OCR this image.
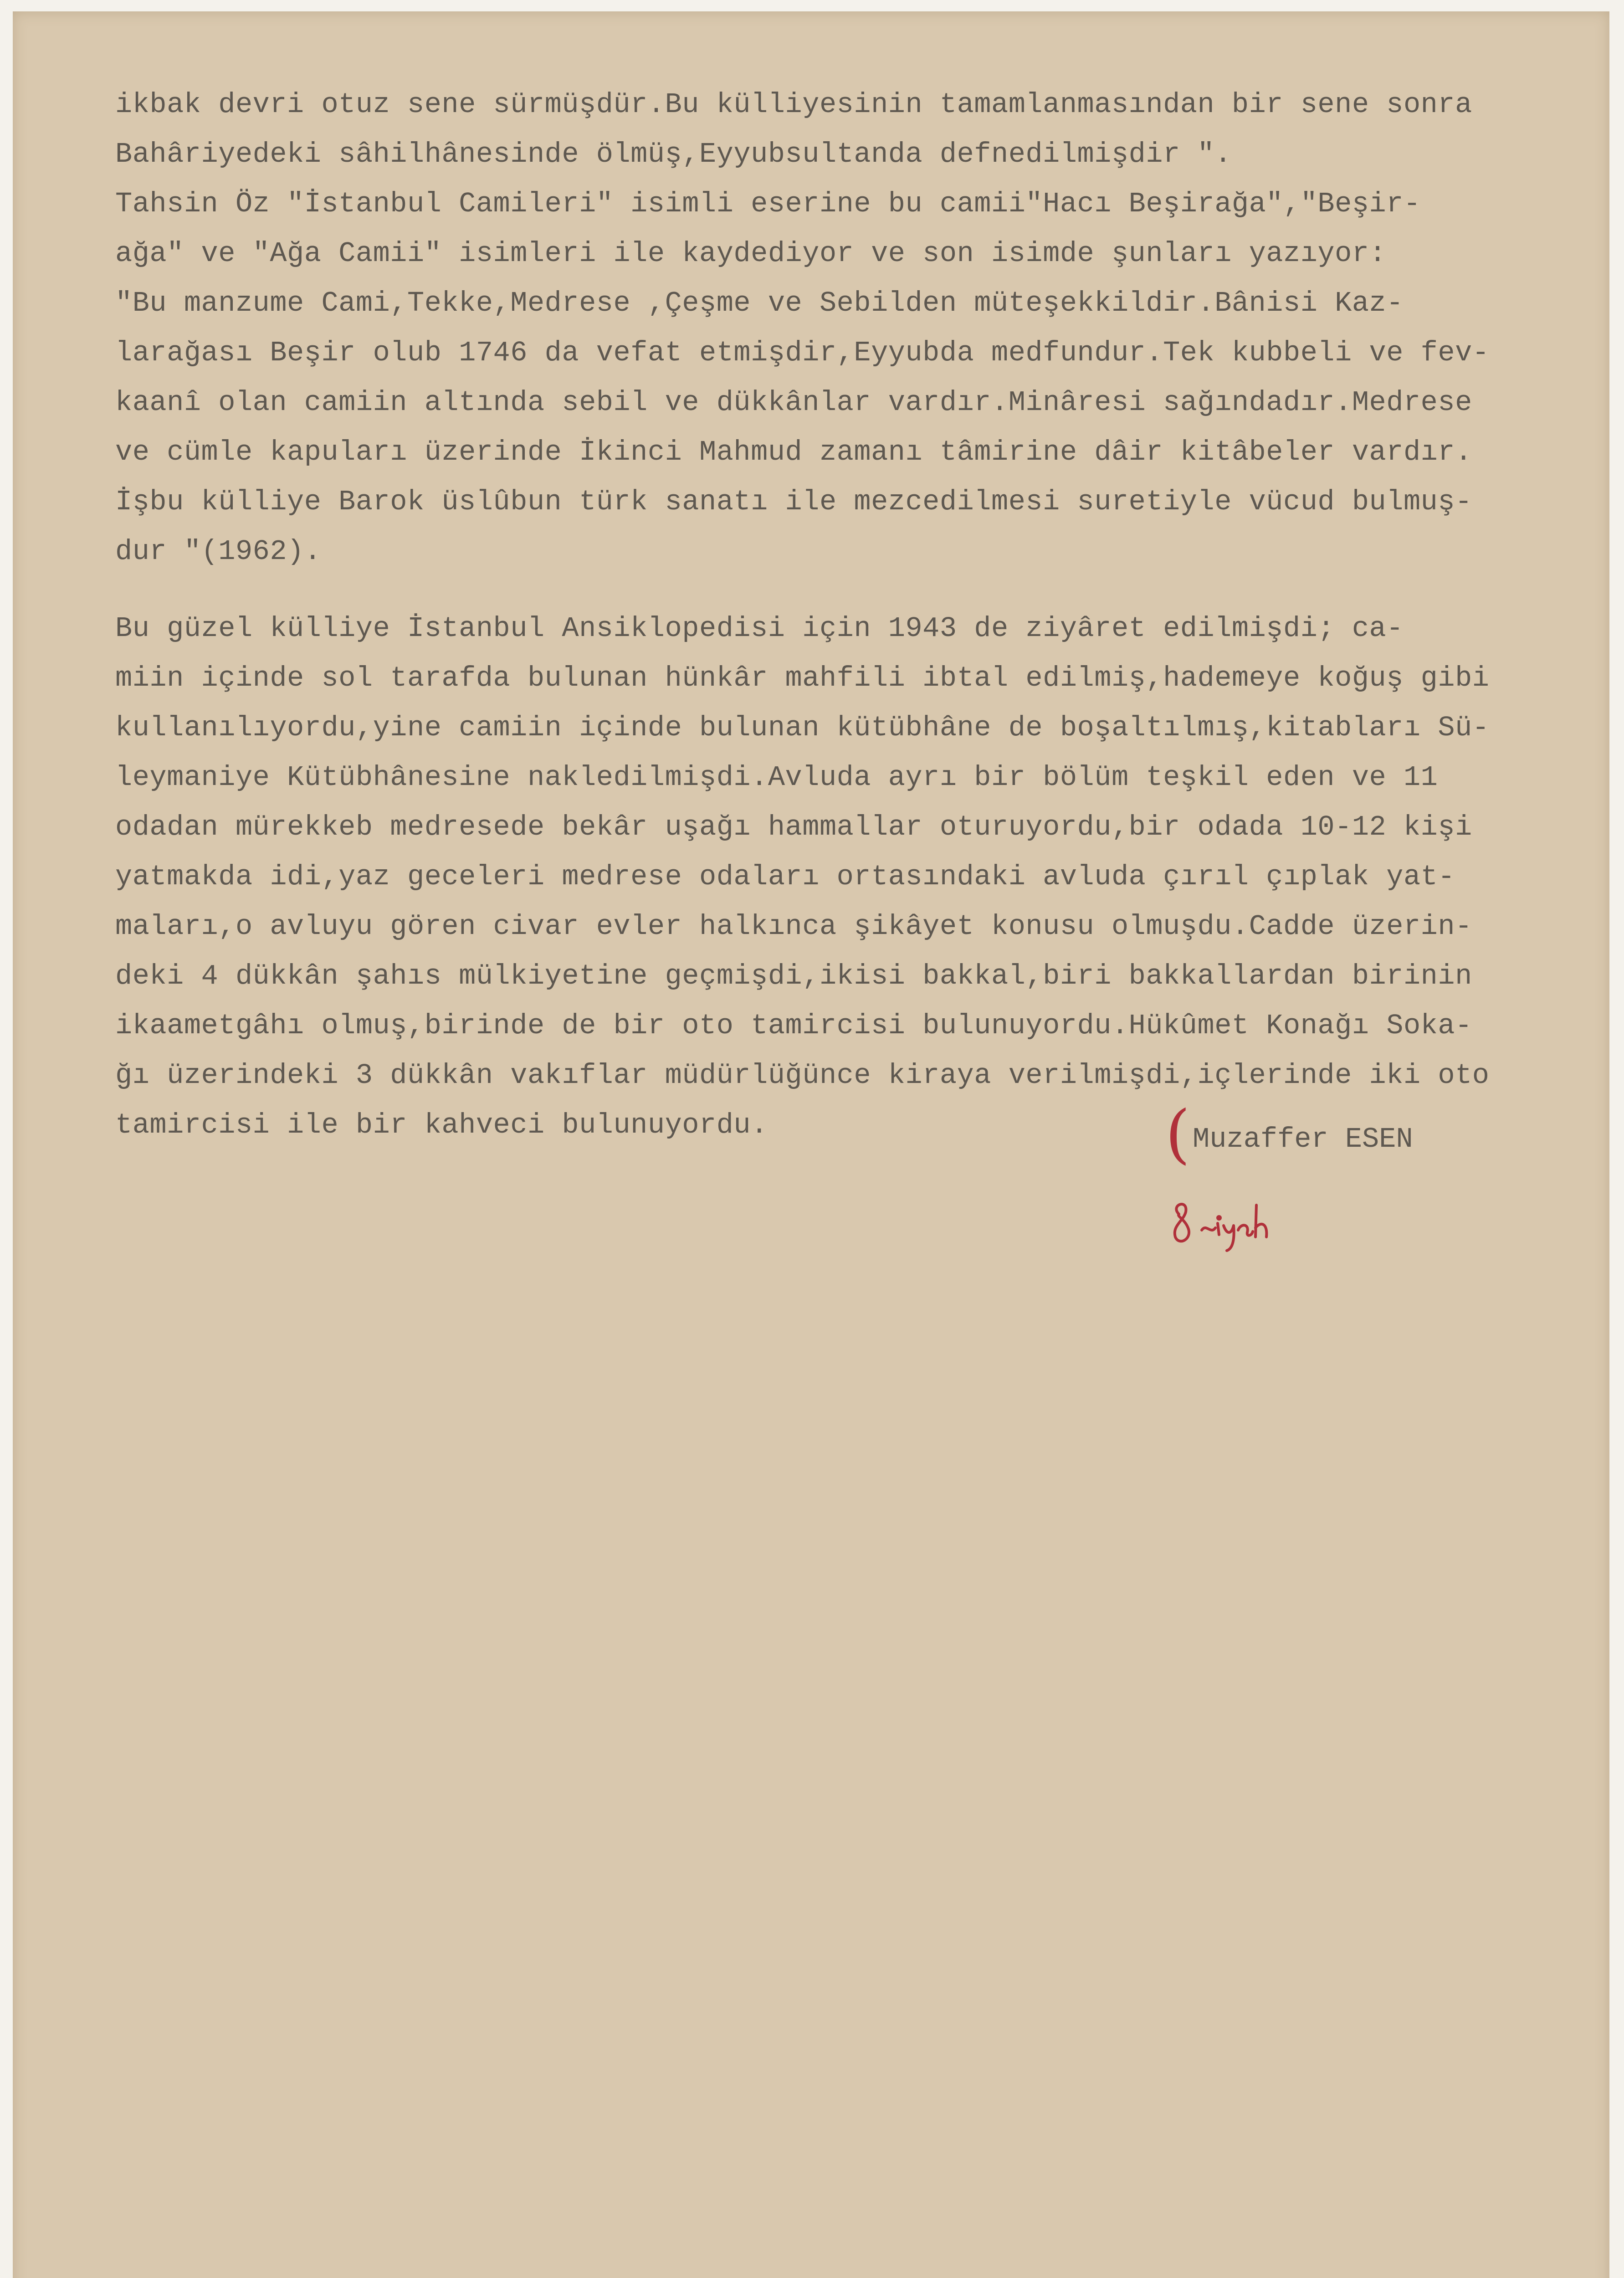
ikbak devri otuz sene sürmüşdür.Bu külliyesinin tamamlanmasından bir sene sonra
Bahâriyedeki sâhilhânesinde ölmüş,Eyyubsultanda defnedilmişdir ".
Tahsin Öz "İstanbul Camileri" isimli eserine bu camii"Hacı Beşirağa","Beşir-
ağa" ve "Ağa Camii" isimleri ile kaydediyor ve son isimde şunları yazıyor:
"Bu manzume Cami,Tekke,Medrese ,Çeşme ve Sebilden müteşekkildir.Bânisi Kaz-
larağası Beşir olub 1746 da vefat etmişdir,Eyyubda medfundur.Tek kubbeli ve fev-
kaanî olan camiin altında sebil ve dükkânlar vardır.Minâresi sağındadır.Medrese
ve cümle kapuları üzerinde İkinci Mahmud zamanı tâmirine dâir kitâbeler vardır.
İşbu külliye Barok üslûbun türk sanatı ile mezcedilmesi suretiyle vücud bulmuş-
dur "(1962).
Bu güzel külliye İstanbul Ansiklopedisi için 1943 de ziyâret edilmişdi; ca-
miin içinde sol tarafda bulunan hünkâr mahfili ibtal edilmiş,hademeye koğuş gibi
kullanılıyordu,yine camiin içinde bulunan kütübhâne de boşaltılmış,kitabları Sü-
leymaniye Kütübhânesine nakledilmişdi.Avluda ayrı bir bölüm teşkil eden ve 11
odadan mürekkeb medresede bekâr uşağı hammallar oturuyordu,bir odada 10-12 kişi
yatmakda idi,yaz geceleri medrese odaları ortasındaki avluda çırıl çıplak yat-
maları,o avluyu gören civar evler halkınca şikâyet konusu olmuşdu.Cadde üzerin-
deki 4 dükkân şahıs mülkiyetine geçmişdi,ikisi bakkal,biri bakkallardan birinin
ikaametgâhı olmuş,birinde de bir oto tamircisi bulunuyordu.Hükûmet Konağı Soka-
ğı üzerindeki 3 dükkân vakıflar müdürlüğünce kiraya verilmişdi,içlerinde iki oto
tamircisi ile bir kahveci bulunuyordu.	( Muzaffer ESEN
